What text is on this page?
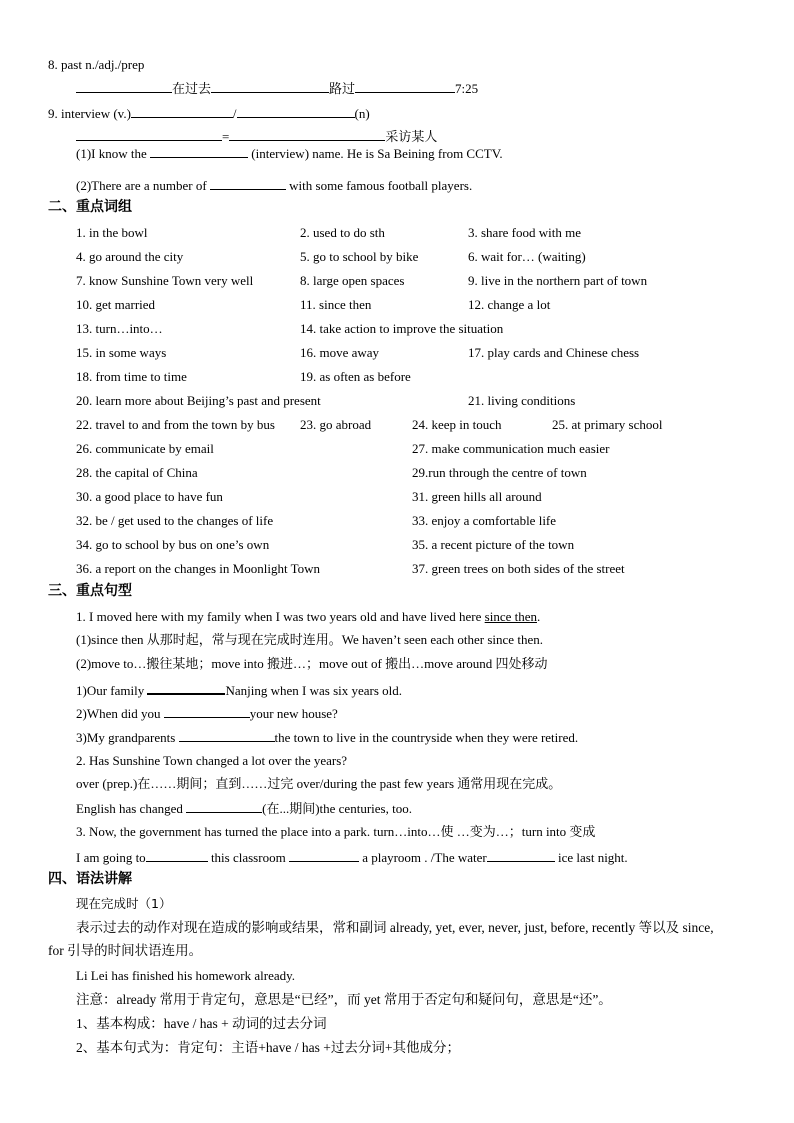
8. past n./adj./prep
在过去	路过	7:25
9. interview (v.)	/	(n)
=	采访某人
(1)I know the	(interview) name. He is Sa Beining from CCTV.
(2)There are a number of	with some famous football players.
二、重点词组
1. in the bowl	2. used to do sth	3. share food with me
4. go around the city	5. go to school by bike	6. wait for… (waiting)
7. know Sunshine Town very well	8. large open spaces	9. live in the northern part of town
10. get married	11. since then	12. change a lot
13. turn…into…	14. take action to improve the situation
15. in some ways	16. move away	17. play cards and Chinese chess
18. from time to time	19. as often as before
20. learn more about Beijing’s past and present	21. living conditions
22. travel to and from the town by bus 23. go abroad	24. keep in touch	25. at primary school
26. communicate by email	27. make communication much easier
28. the capital of China	29.run through the centre of town
30. a good place to have fun	31. green hills all around
32. be / get used to the changes of life	33. enjoy a comfortable life
34. go to school by bus on one’s own	35. a recent picture of the town
36. a report on the changes in Moonlight Town	37. green trees on both sides of the street
三、重点句型
1. I moved here with my family when I was two years old and have lived here since then.
(1)since then 从那时起，常与现在完成时连用。We haven’t seen each other since then.
(2)move to…搬往某地；move into 搬进…；move out of 搬出…move around 四处移动
1)Our family	Nanjing when I was six years old.
2)When did you	your new house?
3)My grandparents	the town to live in the countryside when they were retired.
2. Has Sunshine Town changed a lot over the years?
over (prep.)在……期间；直到……过完 over/during the past few years 通常用现在完成。
English has changed	(在...期间)the centuries, too.
3. Now, the government has turned the place into a park. turn…into…使 …变为…；turn into 变成
I am going to	this classroom	a playroom . /The water	ice last night.
四、语法讲解
现在完成时（1）
表示过去的动作对现在造成的影响或结果，常和副词 already, yet, ever, never, just, before, recently 等以及 since,
for 引导的时间状语连用。
Li Lei has finished his homework already.
注意：already 常用于肯定句，意思是“已经”，而 yet 常用于否定句和疑问句，意思是“还”。
1、基本构成：have / has + 动词的过去分词
2、基本句式为：肯定句：主语+have / has +过去分词+其他成分；
